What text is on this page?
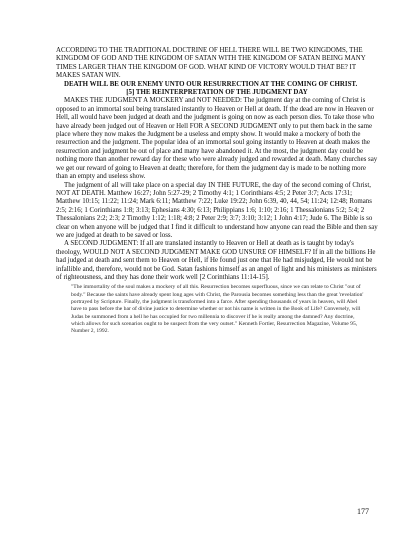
ACCORDING TO THE TRADITIONAL DOCTRINE OF HELL THERE WILL BE TWO KINGDOMS, THE KINGDOM OF GOD AND THE KINGDOM OF SATAN WITH THE KINGDOM OF SATAN BEING MANY TIMES LARGER THAN THE KINGDOM OF GOD. WHAT KIND OF VICTORY WOULD THAT BE? IT MAKES SATAN WIN.

DEATH WILL BE OUR ENEMY UNTO OUR RESURRECTION AT THE COMING OF CHRIST.

[5] THE REINTERPRETATION OF THE JUDGMENT DAY

MAKES THE JUDGMENT A MOCKERY and NOT NEEDED: The judgment day at the coming of Christ is opposed to an immortal soul being translated instantly to Heaven or Hell at death. If the dead are now in Heaven or Hell, all would have been judged at death and the judgment is going on now as each person dies. To take those who have already been judged out of Heaven or Hell FOR A SECOND JUDGMENT only to put them back in the same place where they now makes the Judgment be a useless and empty show. It would make a mockery of both the resurrection and the judgment. The popular idea of an immortal soul going instantly to Heaven at death makes the resurrection and judgment be out of place and many have abandoned it. At the most, the judgment day could be nothing more than another reward day for these who were already judged and rewarded at death. Many churches say we get our reward of going to Heaven at death; therefore, for them the judgment day is made to be nothing more than an empty and useless show.

The judgment of all will take place on a special day IN THE FUTURE, the day of the second coming of Christ, NOT AT DEATH. Matthew 16:27; John 5:27-29; 2 Timothy 4:1; 1 Corinthians 4:5; 2 Peter 3:7; Acts 17:31; Matthew 10:15; 11:22; 11:24; Mark 6:11; Matthew 7:22; Luke 19:22; John 6:39, 40, 44, 54; 11:24; 12:48; Romans 2:5; 2:16; 1 Corinthians 1:8; 3:13; Ephesians 4:30; 6:13; Philippians 1:6; 1:10; 2:16; 1 Thessalonians 5:2; 5:4; 2 Thessalonians 2:2; 2:3; 2 Timothy 1:12; 1:18; 4:8; 2 Peter 2:9; 3:7; 3:10; 3:12; 1 John 4:17; Jude 6. The Bible is so clear on when anyone will be judged that I find it difficult to understand how anyone can read the Bible and then say we are judged at death to be saved or loss.

A SECOND JUDGMENT: If all are translated instantly to Heaven or Hell at death as is taught by today's theology, WOULD NOT A SECOND JUDGMENT MAKE GOD UNSURE OF HIMSELF? If in all the billions He had judged at death and sent them to Heaven or Hell, if He found just one that He had misjudged, He would not be infallible and, therefore, would not be God. Satan fashions himself as an angel of light and his ministers as ministers of righteousness, and they has done their work well [2 Corinthians 11:14-15].

"The immortality of the soul makes a mockery of all this. Resurrection becomes superfluous, since we can relate to Christ "out of body." Because the saints have already spent long ages with Christ, the Parousia becomes something less than the great 'revelation' portrayed by Scripture. Finally, the judgment is transformed into a farce. After spending thousands of years in heaven, will Abel have to pass before the bar of divine justice to determine whether or not his name is written in the Book of Life? Conversely, will Judas be summoned from a hell he has occupied for two millennia to discover if he is really among the damned? Any doctrine, which allows for such scenarios ought to be suspect from the very outset." Kenneth Fortier, Resurrection Magazine, Volume 95, Number 2, 1992.

177
